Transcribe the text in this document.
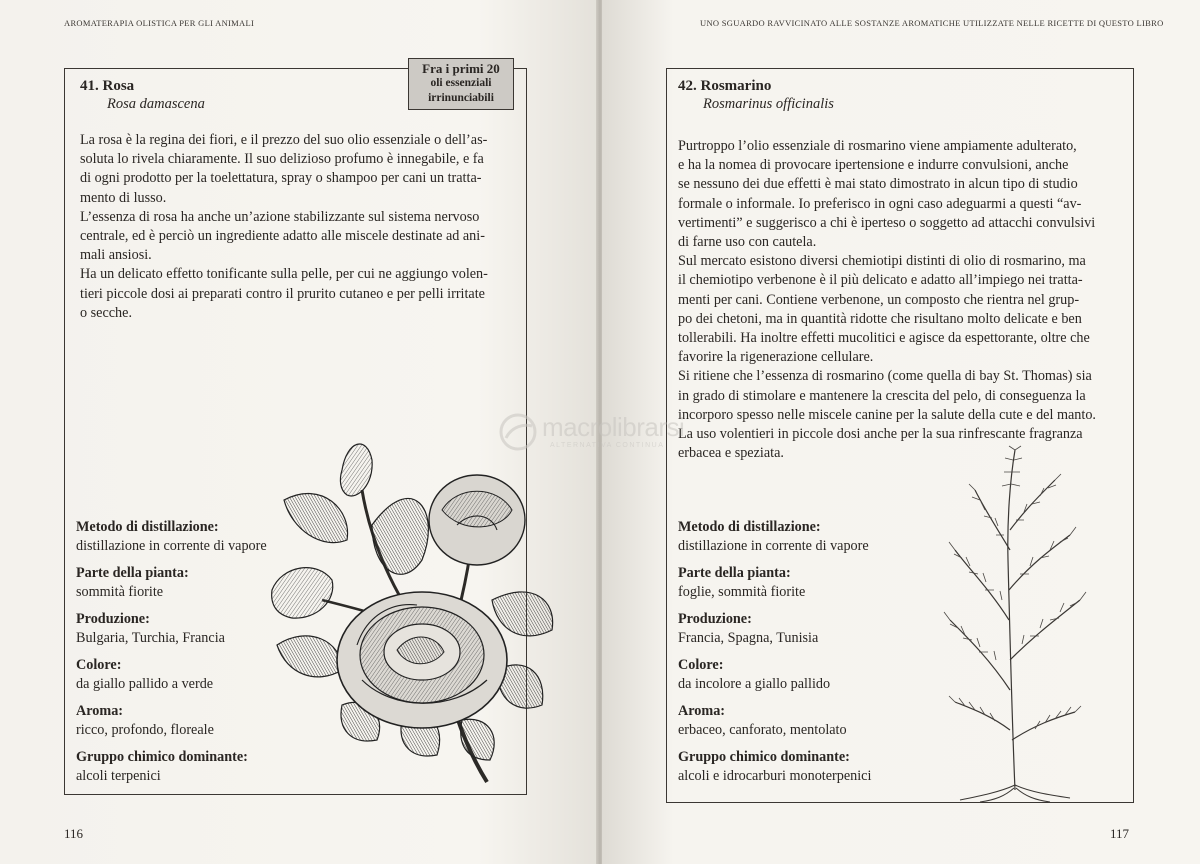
AROMATERAPIA OLISTICA PER GLI ANIMALI
Fra i primi 20
oli essenziali
irrinunciabili
41. Rosa
Rosa damascena

La rosa è la regina dei fiori, e il prezzo del suo olio essenziale o dell’as-

soluta lo rivela chiaramente. Il suo delizioso profumo è innegabile, e fa

di ogni prodotto per la toelettatura, spray o shampoo per cani un tratta-

mento di lusso.

L’essenza di rosa ha anche un’azione stabilizzante sul sistema nervoso

centrale, ed è perciò un ingrediente adatto alle miscele destinate ad ani-

mali ansiosi.

Ha un delicato effetto tonificante sulla pelle, per cui ne aggiungo volen-

tieri piccole dosi ai preparati contro il prurito cutaneo e per pelli irritate

o secche.

Metodo di distillazione:
distillazione in corrente di vapore
Parte della pianta:
sommità fiorite
Produzione:
Bulgaria, Turchia, Francia
Colore:
da giallo pallido a verde
Aroma:
ricco, profondo, floreale
Gruppo chimico dominante:
alcoli terpenici
116
UNO SGUARDO RAVVICINATO ALLE SOSTANZE AROMATICHE UTILIZZATE NELLE RICETTE DI QUESTO LIBRO
42. Rosmarino
Rosmarinus officinalis

Purtroppo l’olio essenziale di rosmarino viene ampiamente adulterato,

e ha la nomea di provocare ipertensione e indurre convulsioni, anche

se nessuno dei due effetti è mai stato dimostrato in alcun tipo di studio

formale o informale. Io preferisco in ogni caso adeguarmi a questi “av-

vertimenti” e suggerisco a chi è iperteso o soggetto ad attacchi convulsivi

di farne uso con cautela.

Sul mercato esistono diversi chemiotipi distinti di olio di rosmarino, ma

il chemiotipo verbenone è il più delicato e adatto all’impiego nei tratta-

menti per cani. Contiene verbenone, un composto che rientra nel grup-

po dei chetoni, ma in quantità ridotte che risultano molto delicate e ben

tollerabili. Ha inoltre effetti mucolitici e agisce da espettorante, oltre che

favorire la rigenerazione cellulare.

Si ritiene che l’essenza di rosmarino (come quella di bay St. Thomas) sia

in grado di stimolare e mantenere la crescita del pelo, di conseguenza la

incorporo spesso nelle miscele canine per la salute della cute e del manto.

La uso volentieri in piccole dosi anche per la sua rinfrescante fragranza

erbacea e speziata.

Metodo di distillazione:
distillazione in corrente di vapore
Parte della pianta:
foglie, sommità fiorite
Produzione:
Francia, Spagna, Tunisia
Colore:
da incolore a giallo pallido
Aroma:
erbaceo, canforato, mentolato
Gruppo chimico dominante:
alcoli e idrocarburi monoterpenici
117
macrolibrarsi
ALTERNATIVA CONTINUA
